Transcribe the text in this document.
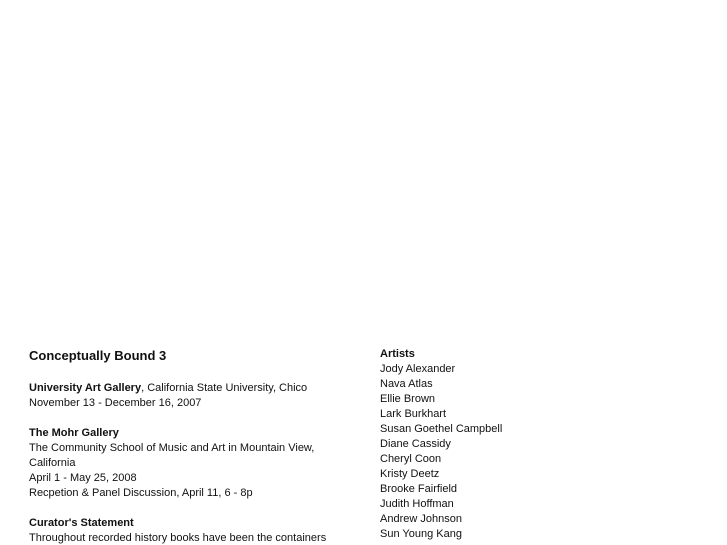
Conceptually Bound 3
University Art Gallery, California State University, Chico
November 13 - December 16, 2007
The Mohr Gallery
The Community School of Music and Art in Mountain View, California
April 1 - May 25, 2008
Recpetion & Panel Discussion, April 11, 6 - 8p
Curator's Statement
Throughout recorded history books have been the containers
Artists
Jody Alexander
Nava Atlas
Ellie Brown
Lark Burkhart
Susan Goethel Campbell
Diane Cassidy
Cheryl Coon
Kristy Deetz
Brooke Fairfield
Judith Hoffman
Andrew Johnson
Sun Young Kang
